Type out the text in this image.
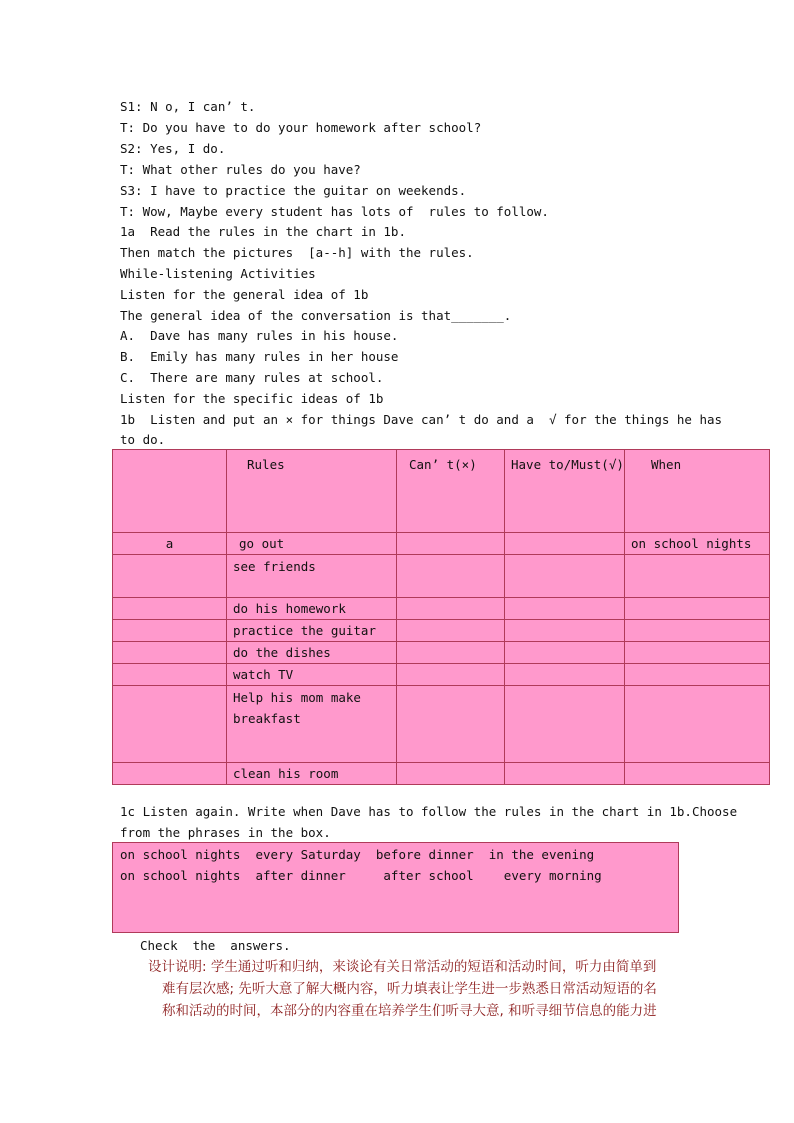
S1: N o, I can’ t.
T: Do you have to do your homework after school?
S2: Yes, I do.
T: What other rules do you have?
S3: I have to practice the guitar on weekends.
T: Wow, Maybe every student has lots of  rules to follow.
1a  Read the rules in the chart in 1b.
Then match the pictures  [a--h] with the rules.
While-listening Activities
Listen for the general idea of 1b
The general idea of the conversation is that_______.
A.  Dave has many rules in his house.
B.  Emily has many rules in her house
C.  There are many rules at school.
Listen for the specific ideas of 1b
1b  Listen and put an × for things Dave can’ t do and a  √ for the things he has
to do.
	Rules	Can’ t(×)	Have to/Must(√)	When
a	go out			on school nights
	see friends			
	do his homework			
	practice the guitar			
	do the dishes			
	watch TV			

	Help his mom make
breakfast			

	clean his room			
1c Listen again. Write when Dave has to follow the rules in the chart in 1b.Choose
from the phrases in the box.
on school nights  every Saturday  before dinner  in the evening
on school nights  after dinner     after school    every morning
Check  the  answers.
设计说明: 学生通过听和归纳，来谈论有关日常活动的短语和活动时间，听力由简单到
难有层次感; 先听大意了解大概内容，听力填表让学生进一步熟悉日常活动短语的名
称和活动的时间，本部分的内容重在培养学生们听寻大意, 和听寻细节信息的能力进
